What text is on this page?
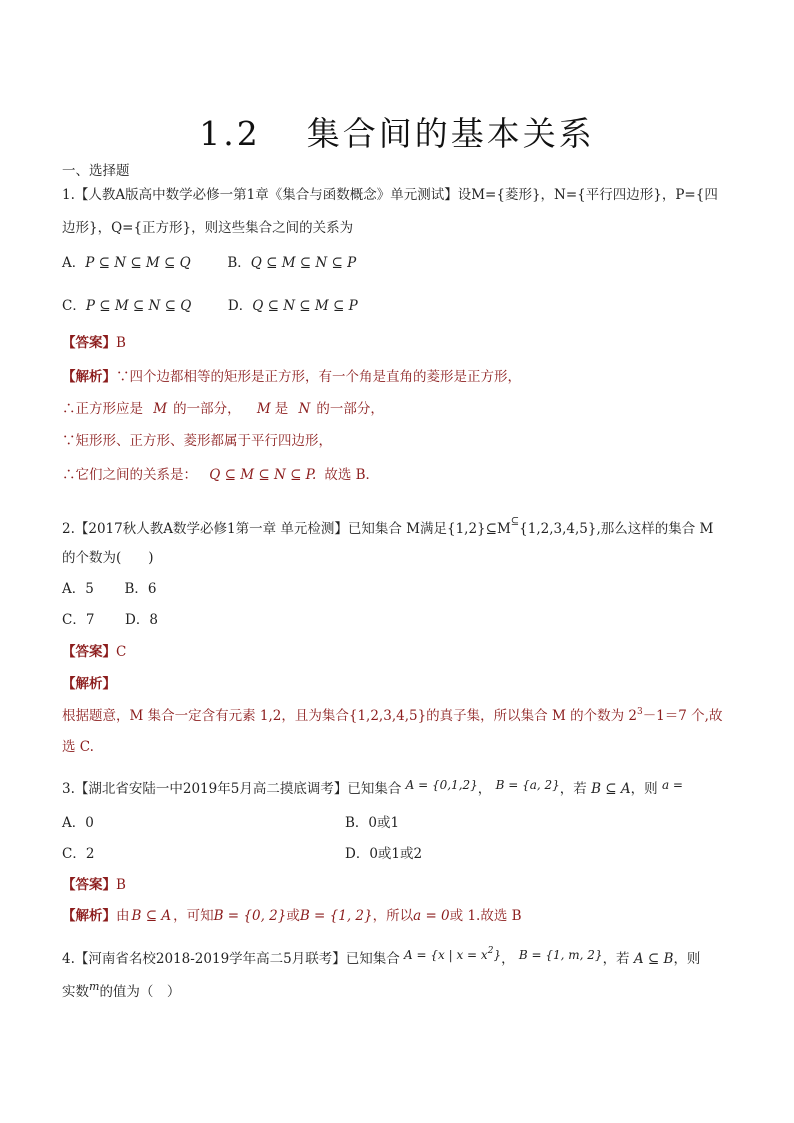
1.2 集合间的基本关系
一、选择题
1.【人教A版高中数学必修一第1章《集合与函数概念》单元测试】设M={菱形}，N={平行四边形}，P={四
边形}，Q={正方形}，则这些集合之间的关系为
A．P ⊆ N ⊆ M ⊆ Q	B．Q ⊆ M ⊆ N ⊆ P
C．P ⊆ M ⊆ N ⊆ Q	D．Q ⊆ N ⊆ M ⊆ P
【答案】B
【解析】∵四个边都相等的矩形是正方形，有一个角是直角的菱形是正方形，
∴正方形应是 M 的一部分， M 是 N 的一部分，
∵矩形形、正方形、菱形都属于平行四边形，
∴它们之间的关系是： Q ⊆ M ⊆ N ⊆ P. 故选 B．
2.【2017秋人教A数学必修1第一章 单元检测】已知集合 M满足{1,2}⊆M⊆{1,2,3,4,5},那么这样的集合 M
的个数为(　　)
A．5 B．6
C．7 D．8
【答案】C
【解析】
根据题意，M 集合一定含有元素 1,2，且为集合{1,2,3,4,5}的真子集，所以集合 M 的个数为 $2^3-1=7$ 个,故
选 C.
3.【湖北省安陆一中2019年5月高二摸底调考】已知集合 A = {0,1,2}， B = {a, 2}，若 B ⊆ A，则 a =
A．0	B．0或1
C．2	D．0或1或2
【答案】B
【解析】由 B ⊆ A ，可知B = {0, 2}或B = {1, 2}，所以a = 0或 1.故选 B
4.【河南省名校2018-2019学年高二5月联考】已知集合 A = {x | $x = x^2$}， B = {1, m, 2}，若 A ⊆ B，则
实数$^m$的值为（　）
